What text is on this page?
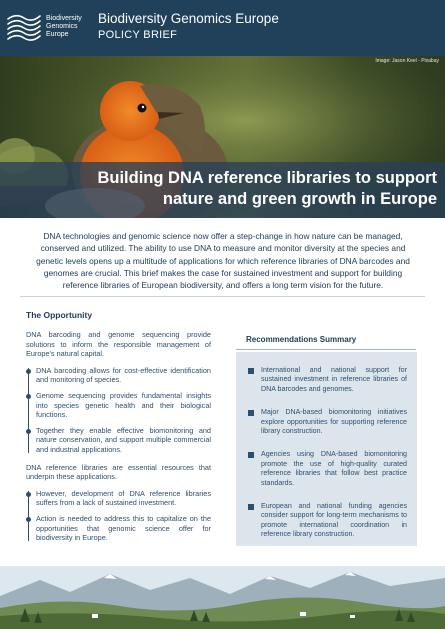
Biodiversity
Genomics
Europe
Biodiversity Genomics Europe
POLICY BRIEF
Image: Jason Keel - Pixabay
Building DNA reference libraries to support
nature and green growth in Europe
DNA technologies and genomic science now offer a step-change in how nature can be managed, conserved and utilized. The ability to use DNA to measure and monitor diversity at the species and genetic levels opens up a multitude of applications for which reference libraries of DNA barcodes and genomes are crucial. This brief makes the case for sustained investment and support for building reference libraries of European biodiversity, and offers a long term vision for the future.
The Opportunity
DNA barcoding and genome sequencing provide solutions to inform the responsible management of Europe's natural capital.
DNA barcoding allows for cost-effective identification and monitoring of species.
Genome sequencing provides fundamental insights into species genetic health and their biological functions.
Together they enable effective biomonitoring and nature conservation, and support multiple commercial and industrial applications.
DNA reference libraries are essential resources that underpin these applications.
However, development of DNA reference libraries suffers from a lack of sustained investment.
Action is needed to address this to capitalize on the opportunities that genomic science offer for biodiversity in Europe.
Recommendations Summary
International and national support for sustained investment in reference libraries of DNA barcodes and genomes.
Major DNA-based biomonitoring initiatives explore opportunities for supporting reference library construction.
Agencies using DNA-based biomonitoring promote the use of high-quality curated reference libraries that follow best practice standards.
European and national funding agencies consider support for long-term mechanisms to promote international coordination in reference library construction.
